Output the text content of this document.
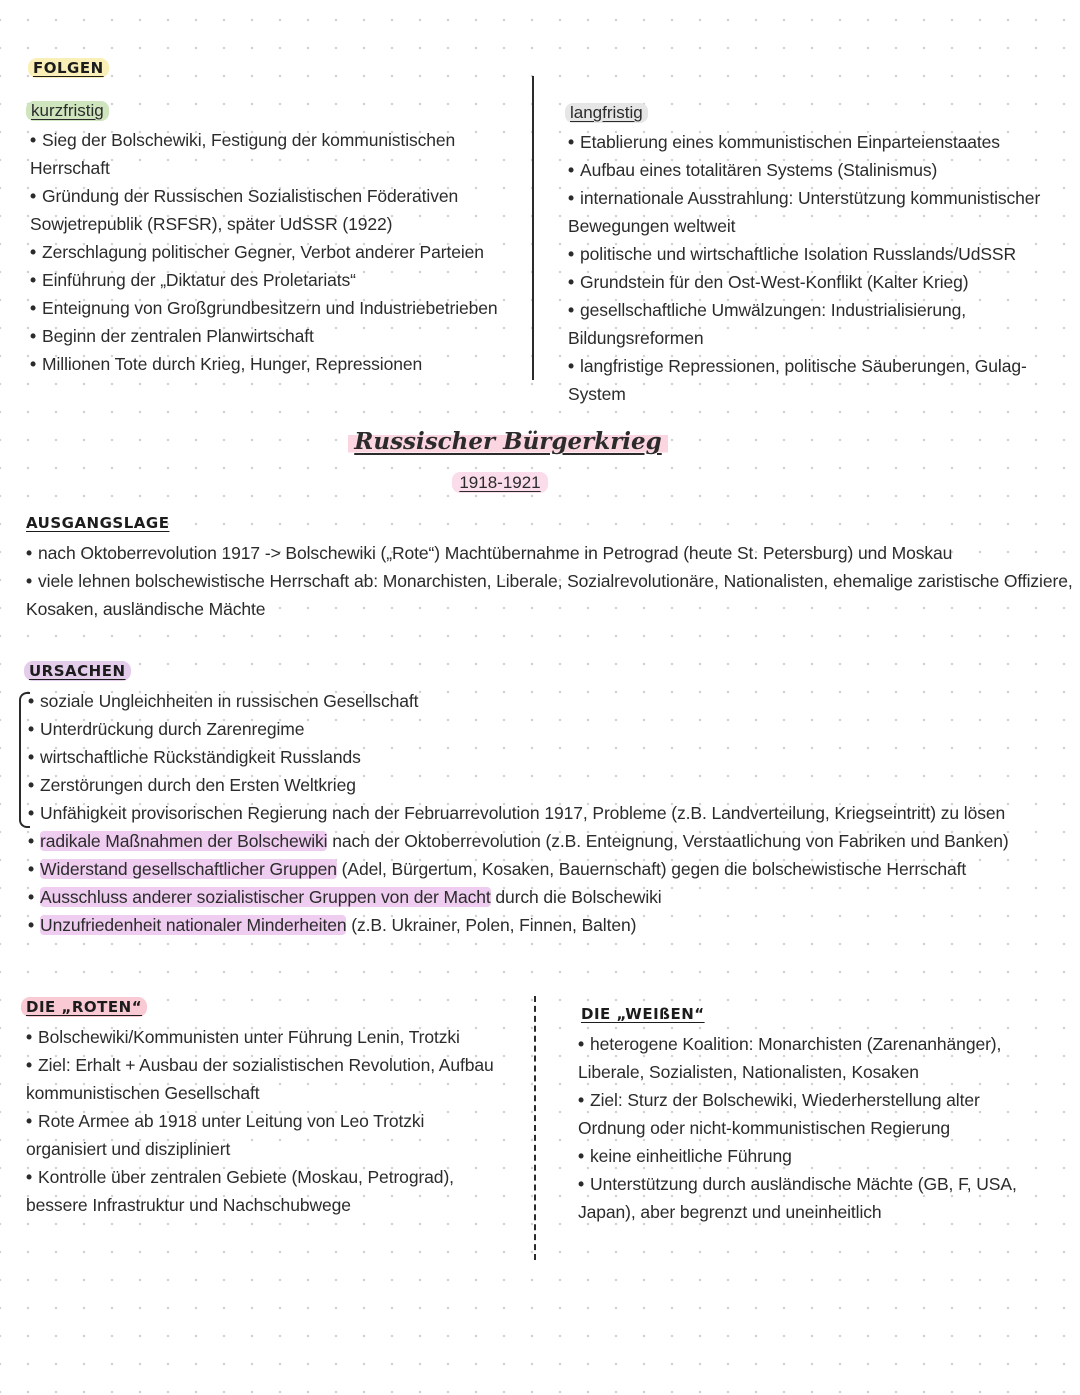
FOLGEN
kurzfristig
• Sieg der Bolschewiki, Festigung der kommunistischen Herrschaft
• Gründung der Russischen Sozialistischen Föderativen Sowjetrepublik (RSFSR), später UdSSR (1922)
• Zerschlagung politischer Gegner, Verbot anderer Parteien
• Einführung der „Diktatur des Proletariats“
• Enteignung von Großgrundbesitzern und Industriebetrieben
• Beginn der zentralen Planwirtschaft
• Millionen Tote durch Krieg, Hunger, Repressionen
langfristig
• Etablierung eines kommunistischen Einparteienstaates
• Aufbau eines totalitären Systems (Stalinismus)
• internationale Ausstrahlung: Unterstützung kommunistischer Bewegungen weltweit
• politische und wirtschaftliche Isolation Russlands/UdSSR
• Grundstein für den Ost-West-Konflikt (Kalter Krieg)
• gesellschaftliche Umwälzungen: Industrialisierung, Bildungsreformen
• langfristige Repressionen, politische Säuberungen, Gulag-System
Russischer Bürgerkrieg
1918-1921
AUSGANGSLAGE
• nach Oktoberrevolution 1917 -> Bolschewiki („Rote“) Machtübernahme in Petrograd (heute St. Petersburg) und Moskau
• viele lehnen bolschewistische Herrschaft ab: Monarchisten, Liberale, Sozialrevolutionäre, Nationalisten, ehemalige zaristische Offiziere, Kosaken, ausländische Mächte
URSACHEN
• soziale Ungleichheiten in russischen Gesellschaft
• Unterdrückung durch Zarenregime
• wirtschaftliche Rückständigkeit Russlands
• Zerstörungen durch den Ersten Weltkrieg
• Unfähigkeit provisorischen Regierung nach der Februarrevolution 1917, Probleme (z.B. Landverteilung, Kriegseintritt) zu lösen
• radikale Maßnahmen der Bolschewiki nach der Oktoberrevolution (z.B. Enteignung, Verstaatlichung von Fabriken und Banken)
• Widerstand gesellschaftlicher Gruppen (Adel, Bürgertum, Kosaken, Bauernschaft) gegen die bolschewistische Herrschaft
• Ausschluss anderer sozialistischer Gruppen von der Macht durch die Bolschewiki
• Unzufriedenheit nationaler Minderheiten (z.B. Ukrainer, Polen, Finnen, Balten)
DIE „ROTEN“
• Bolschewiki/Kommunisten unter Führung Lenin, Trotzki
• Ziel: Erhalt + Ausbau der sozialistischen Revolution, Aufbau kommunistischen Gesellschaft
• Rote Armee ab 1918 unter Leitung von Leo Trotzki organisiert und diszipliniert
• Kontrolle über zentralen Gebiete (Moskau, Petrograd), bessere Infrastruktur und Nachschubwege
DIE „WEIßEN“
• heterogene Koalition: Monarchisten (Zarenanhänger), Liberale, Sozialisten, Nationalisten, Kosaken
• Ziel: Sturz der Bolschewiki, Wiederherstellung alter Ordnung oder nicht-kommunistischen Regierung
• keine einheitliche Führung
• Unterstützung durch ausländische Mächte (GB, F, USA, Japan), aber begrenzt und uneinheitlich
